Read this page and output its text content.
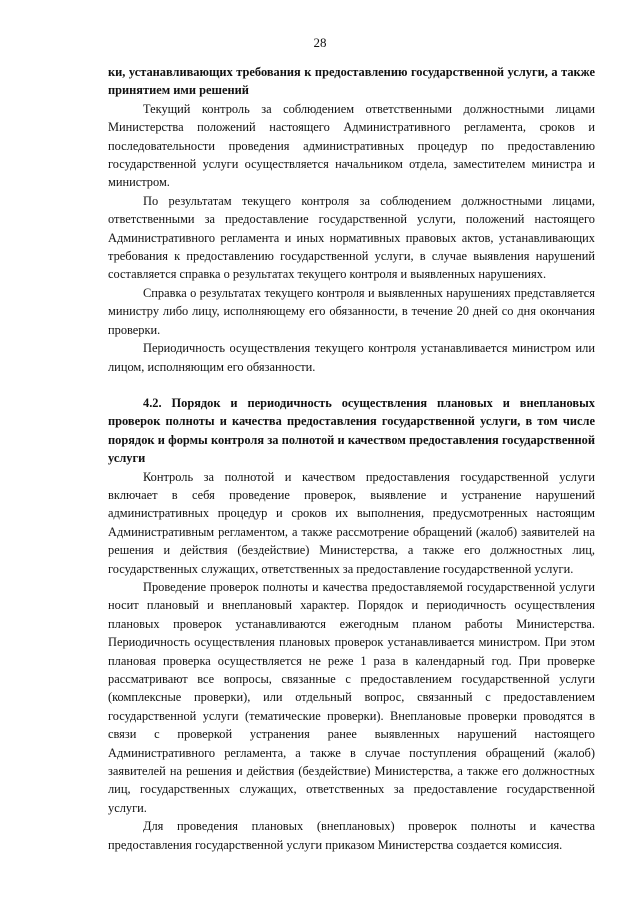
28

ки, устанавливающих требования к предоставлению государственной услуги, а также принятием ими решений

Текущий контроль за соблюдением ответственными должностными лицами Министерства положений настоящего Административного регламента, сроков и последовательности проведения административных процедур по предоставлению государственной услуги осуществляется начальником отдела, заместителем министра и министром.

По результатам текущего контроля за соблюдением должностными лицами, ответственными за предоставление государственной услуги, положений настоящего Административного регламента и иных нормативных правовых актов, устанавливающих требования к предоставлению государственной услуги, в случае выявления нарушений составляется справка о результатах текущего контроля и выявленных нарушениях.

Справка о результатах текущего контроля и выявленных нарушениях представляется министру либо лицу, исполняющему его обязанности, в течение 20 дней со дня окончания проверки.

Периодичность осуществления текущего контроля устанавливается министром или лицом, исполняющим его обязанности.

4.2. Порядок и периодичность осуществления плановых и внеплановых проверок полноты и качества предоставления государственной услуги, в том числе порядок и формы контроля за полнотой и качеством предоставления государственной услуги

Контроль за полнотой и качеством предоставления государственной услуги включает в себя проведение проверок, выявление и устранение нарушений административных процедур и сроков их выполнения, предусмотренных настоящим Административным регламентом, а также рассмотрение обращений (жалоб) заявителей на решения и действия (бездействие) Министерства, а также его должностных лиц, государственных служащих, ответственных за предоставление государственной услуги.

Проведение проверок полноты и качества предоставляемой государственной услуги носит плановый и внеплановый характер. Порядок и периодичность осуществления плановых проверок устанавливаются ежегодным планом работы Министерства. Периодичность осуществления плановых проверок устанавливается министром. При этом плановая проверка осуществляется не реже 1 раза в календарный год. При проверке рассматривают все вопросы, связанные с предоставлением государственной услуги (комплексные проверки), или отдельный вопрос, связанный с предоставлением государственной услуги (тематические проверки). Внеплановые проверки проводятся в связи с проверкой устранения ранее выявленных нарушений настоящего Административного регламента, а также в случае поступления обращений (жалоб) заявителей на решения и действия (бездействие) Министерства, а также его должностных лиц, государственных служащих, ответственных за предоставление государственной услуги.

Для проведения плановых (внеплановых) проверок полноты и качества предоставления государственной услуги приказом Министерства создается комиссия.
